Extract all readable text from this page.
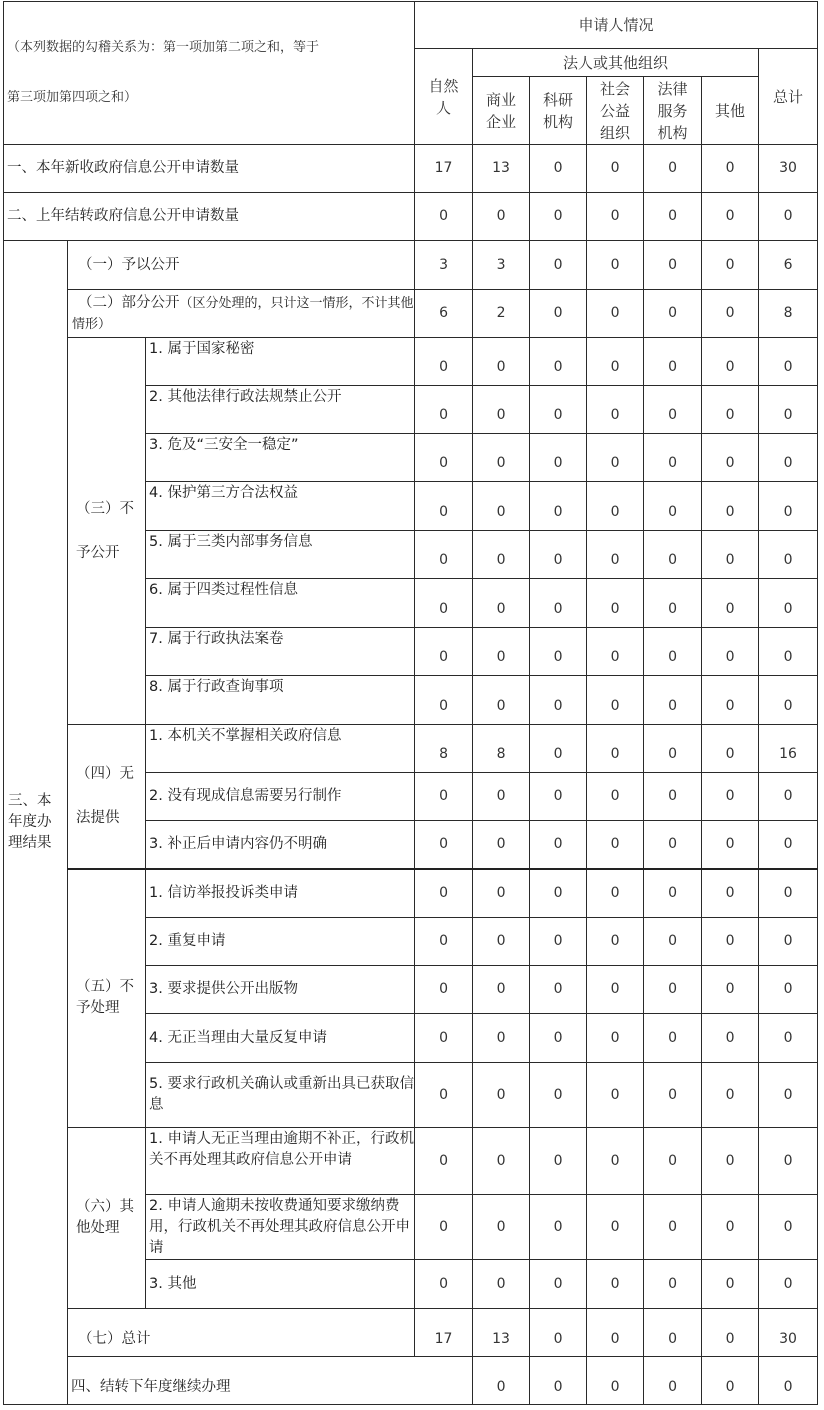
（本列数据的勾稽关系为：第一项加第二项之和，等于
第三项加第四项之和）			申请人情况							

			自然人	法人或其他组织					总计	

				商业企业	科研机构	社会公益组织	法律服务机构	其他		
一、本年新收政府信息公开申请数量			17	13	0	0	0	0	30	
二、上年结转政府信息公开申请数量			0	0	0	0	0	0	0	

三、本年度办理结果	（一）予以公开		3	3	0	0	0	0	6	
	（二）部分公开（区分处理的，只计这一情形，不计其他情形）		6	2	0	0	0	0	8	

	（三）不予公开	1. 属于国家秘密	0	0	0	0	0	0	0	
		2. 其他法律行政法规禁止公开	0	0	0	0	0	0	0	
		3. 危及“三安全一稳定”	0	0	0	0	0	0	0	
		4. 保护第三方合法权益	0	0	0	0	0	0	0	
		5. 属于三类内部事务信息	0	0	0	0	0	0	0	
		6. 属于四类过程性信息	0	0	0	0	0	0	0	
		7. 属于行政执法案卷	0	0	0	0	0	0	0	
		8. 属于行政查询事项	0	0	0	0	0	0	0	

	（四）无法提供	1. 本机关不掌握相关政府信息	8	8	0	0	0	0	16	
		2. 没有现成信息需要另行制作	0	0	0	0	0	0	0	
		3. 补正后申请内容仍不明确	0	0	0	0	0	0	0	

	（五）不予处理	1. 信访举报投诉类申请	0	0	0	0	0	0	0	
		2. 重复申请	0	0	0	0	0	0	0	
		3. 要求提供公开出版物	0	0	0	0	0	0	0	
		4. 无正当理由大量反复申请	0	0	0	0	0	0	0	
		5. 要求行政机关确认或重新出具已获取信息	0	0	0	0	0	0	0	

	（六）其他处理	1. 申请人无正当理由逾期不补正，行政机关不再处理其政府信息公开申请	0	0	0	0	0	0	0	
		2. 申请人逾期未按收费通知要求缴纳费用，行政机关不再处理其政府信息公开申请	0	0	0	0	0	0	0	
		3. 其他	0	0	0	0	0	0	0	
	（七）总计		17	13	0	0	0	0	30	
	四、结转下年度继续办理			0	0	0	0	0	0	
